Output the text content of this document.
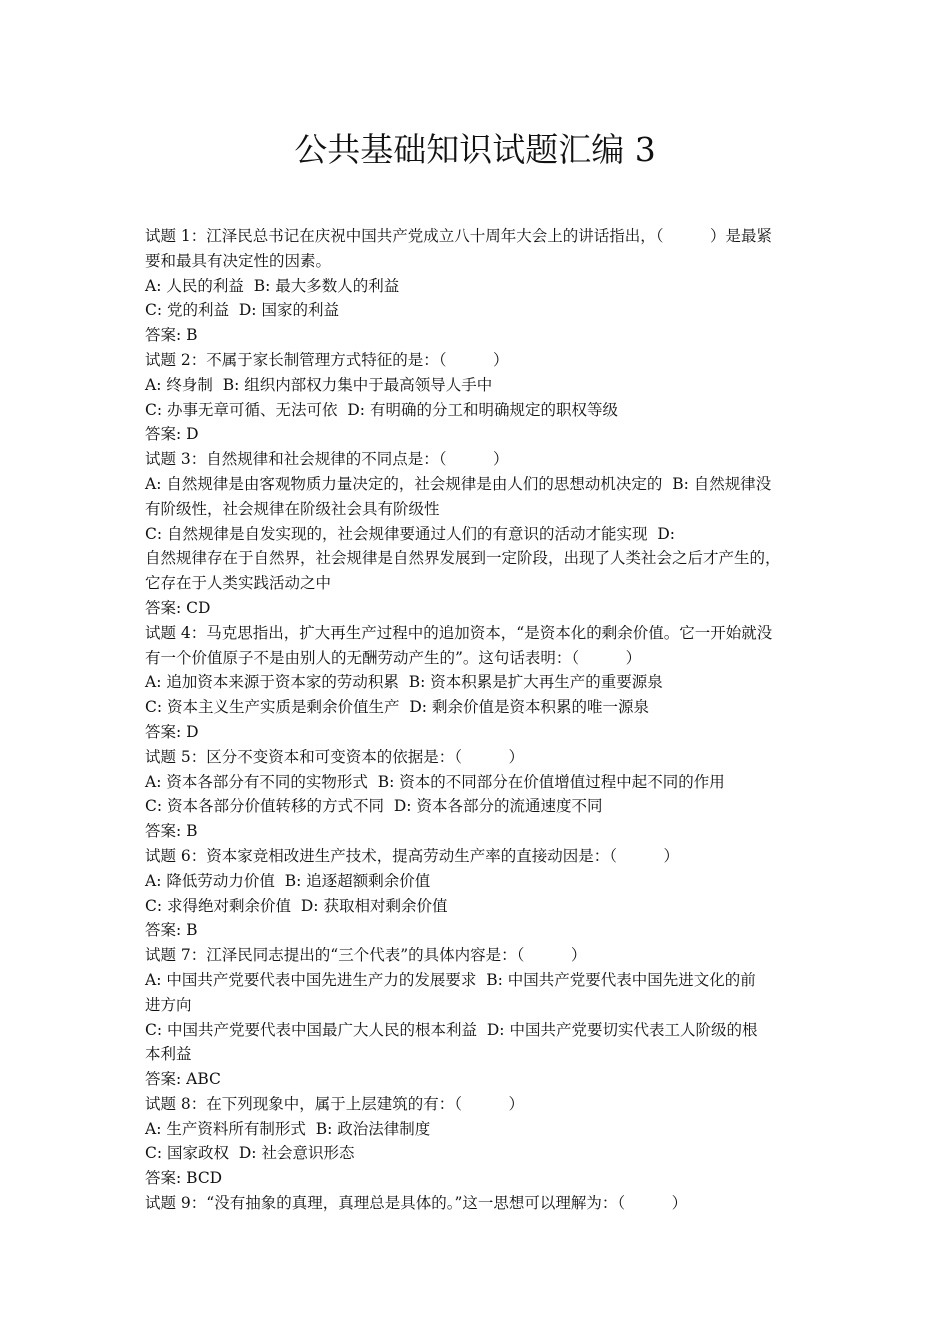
公共基础知识试题汇编 3

试题 1：江泽民总书记在庆祝中国共产党成立八十周年大会上的讲话指出，（　　　）是最紧

要和最具有决定性的因素。

A: 人民的利益  B: 最大多数人的利益

C: 党的利益  D: 国家的利益

答案: B

试题 2：不属于家长制管理方式特征的是：（　　　）

A: 终身制  B: 组织内部权力集中于最高领导人手中

C: 办事无章可循、无法可依  D: 有明确的分工和明确规定的职权等级

答案: D

试题 3：自然规律和社会规律的不同点是：（　　　）

A: 自然规律是由客观物质力量决定的，社会规律是由人们的思想动机决定的  B: 自然规律没

有阶级性，社会规律在阶级社会具有阶级性

C: 自然规律是自发实现的，社会规律要通过人们的有意识的活动才能实现  D:

自然规律存在于自然界，社会规律是自然界发展到一定阶段，出现了人类社会之后才产生的，

它存在于人类实践活动之中

答案: CD

试题 4：马克思指出，扩大再生产过程中的追加资本，“是资本化的剩余价值。它一开始就没

有一个价值原子不是由别人的无酬劳动产生的”。这句话表明：（　　　）

A: 追加资本来源于资本家的劳动积累  B: 资本积累是扩大再生产的重要源泉

C: 资本主义生产实质是剩余价值生产  D: 剩余价值是资本积累的唯一源泉

答案: D

试题 5：区分不变资本和可变资本的依据是：（　　　）

A: 资本各部分有不同的实物形式  B: 资本的不同部分在价值增值过程中起不同的作用

C: 资本各部分价值转移的方式不同  D: 资本各部分的流通速度不同

答案: B

试题 6：资本家竞相改进生产技术，提高劳动生产率的直接动因是：（　　　）

A: 降低劳动力价值  B: 追逐超额剩余价值

C: 求得绝对剩余价值  D: 获取相对剩余价值

答案: B

试题 7：江泽民同志提出的“三个代表”的具体内容是：（　　　）

A: 中国共产党要代表中国先进生产力的发展要求  B: 中国共产党要代表中国先进文化的前

进方向

C: 中国共产党要代表中国最广大人民的根本利益  D: 中国共产党要切实代表工人阶级的根

本利益

答案: ABC

试题 8：在下列现象中，属于上层建筑的有：（　　　）

A: 生产资料所有制形式  B: 政治法律制度

C: 国家政权  D: 社会意识形态

答案: BCD

试题 9：“没有抽象的真理，真理总是具体的。”这一思想可以理解为：（　　　）
